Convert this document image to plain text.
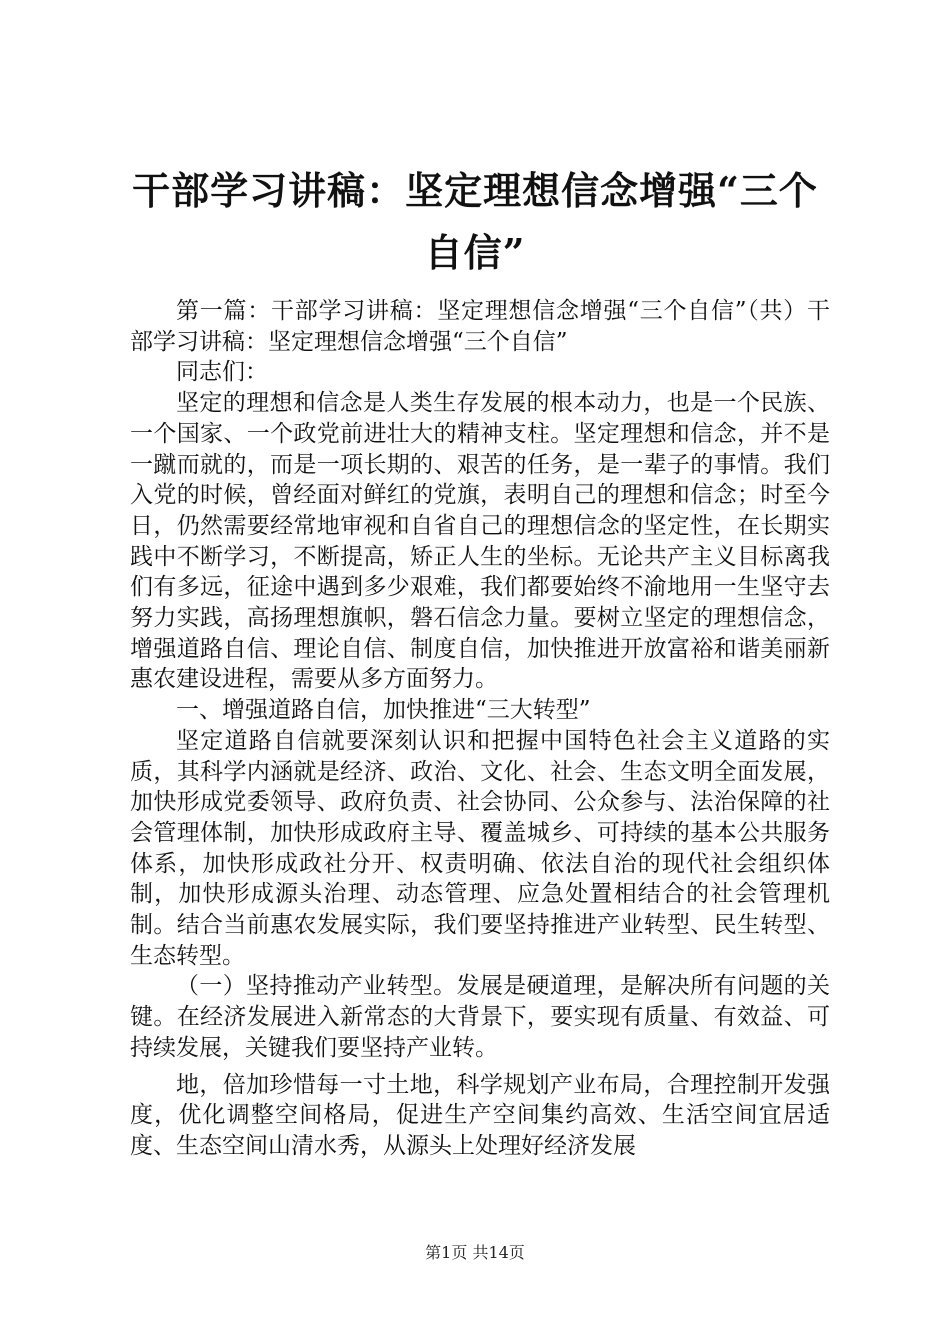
干部学习讲稿：坚定理想信念增强“三个自信”

第一篇：干部学习讲稿：坚定理想信念增强“三个自信”（共）干部学习讲稿：坚定理想信念增强“三个自信”

同志们：

坚定的理想和信念是人类生存发展的根本动力，也是一个民族、一个国家、一个政党前进壮大的精神支柱。坚定理想和信念，并不是一蹴而就的，而是一项长期的、艰苦的任务，是一辈子的事情。我们入党的时候，曾经面对鲜红的党旗，表明自己的理想和信念；时至今日，仍然需要经常地审视和自省自己的理想信念的坚定性，在长期实践中不断学习，不断提高，矫正人生的坐标。无论共产主义目标离我们有多远，征途中遇到多少艰难，我们都要始终不渝地用一生坚守去努力实践，高扬理想旗帜，磐石信念力量。要树立坚定的理想信念，增强道路自信、理论自信、制度自信，加快推进开放富裕和谐美丽新惠农建设进程，需要从多方面努力。

一、增强道路自信，加快推进“三大转型”

坚定道路自信就要深刻认识和把握中国特色社会主义道路的实质，其科学内涵就是经济、政治、文化、社会、生态文明全面发展，加快形成党委领导、政府负责、社会协同、公众参与、法治保障的社会管理体制，加快形成政府主导、覆盖城乡、可持续的基本公共服务体系，加快形成政社分开、权责明确、依法自治的现代社会组织体制，加快形成源头治理、动态管理、应急处置相结合的社会管理机制。结合当前惠农发展实际，我们要坚持推进产业转型、民生转型、生态转型。

（一）坚持推动产业转型。发展是硬道理，是解决所有问题的关键。在经济发展进入新常态的大背景下，要实现有质量、有效益、可持续发展，关键我们要坚持产业转。

地，倍加珍惜每一寸土地，科学规划产业布局，合理控制开发强度，优化调整空间格局，促进生产空间集约高效、生活空间宜居适度、生态空间山清水秀，从源头上处理好经济发展

第1页 共14页
